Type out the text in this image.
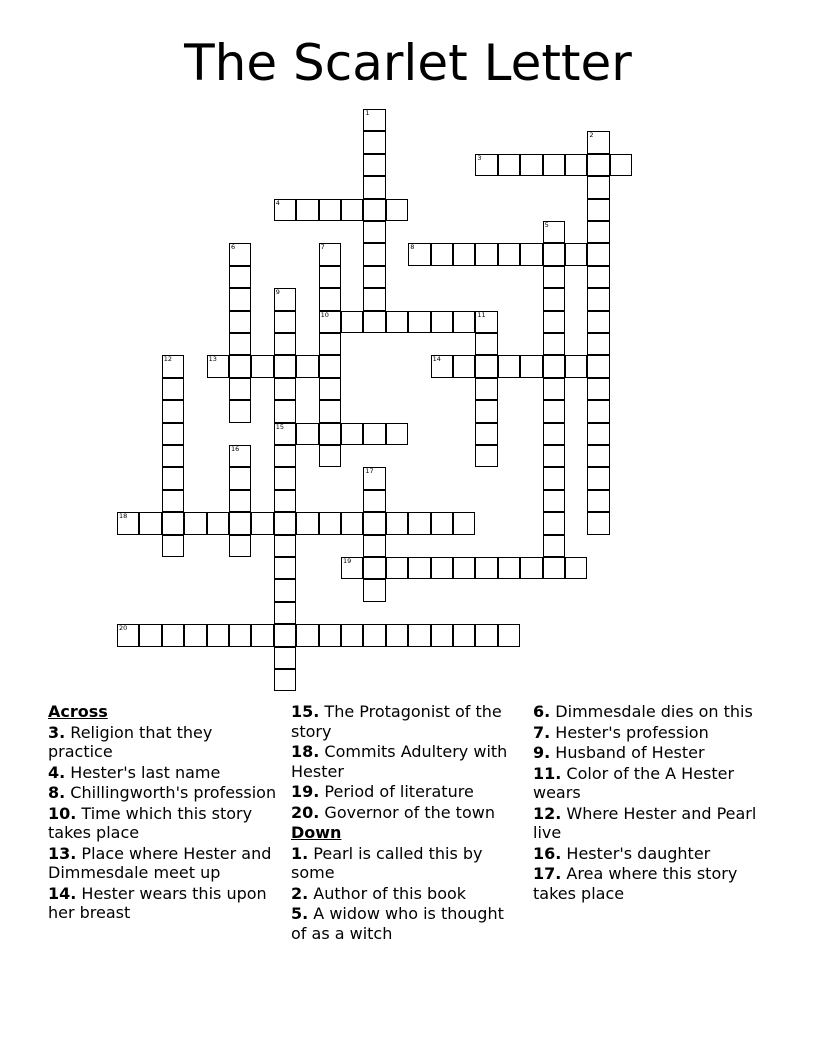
The Scarlet Letter
3
4
8
10	11
13	14
15
18
19
20
1
2
5
6	7
9
12
16
17
Across
3. Religion that they practice
4. Hester's last name
8. Chillingworth's profession
10. Time which this story takes place
13. Place where Hester and Dimmesdale meet up
14. Hester wears this upon her breast
15. The Protagonist of the story
18. Commits Adultery with Hester
19. Period of literature
20. Governor of the town
Down
1. Pearl is called this by some
2. Author of this book
5. A widow who is thought of as a witch
6. Dimmesdale dies on this
7. Hester's profession
9. Husband of Hester
11. Color of the A Hester wears
12. Where Hester and Pearl live
16. Hester's daughter
17. Area where this story takes place
